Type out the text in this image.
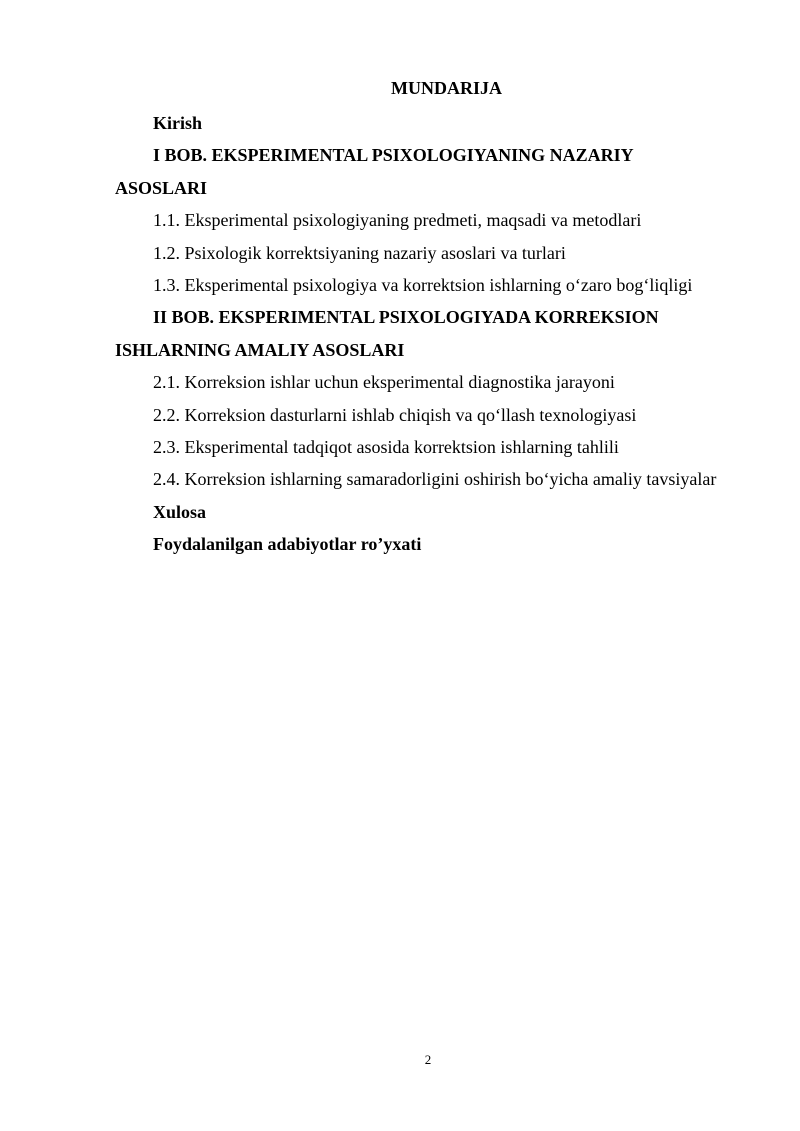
MUNDARIJA
Kirish
I BOB. EKSPERIMENTAL PSIXOLOGIYANING NAZARIY
ASOSLARI
1.1. Eksperimental psixologiyaning predmeti, maqsadi va metodlari
1.2. Psixologik korrektsiyaning nazariy asoslari va turlari
1.3. Eksperimental psixologiya va korrektsion ishlarning o‘zaro bog‘liqligi
II BOB. EKSPERIMENTAL PSIXOLOGIYADA KORREKSION
ISHLARNING AMALIY ASOSLARI
2.1. Korreksion ishlar uchun eksperimental diagnostika jarayoni
2.2. Korreksion dasturlarni ishlab chiqish va qo‘llash texnologiyasi
2.3. Eksperimental tadqiqot asosida korrektsion ishlarning tahlili
2.4. Korreksion ishlarning samaradorligini oshirish bo‘yicha amaliy tavsiyalar
Xulosa
Foydalanilgan adabiyotlar ro’yxati
2
